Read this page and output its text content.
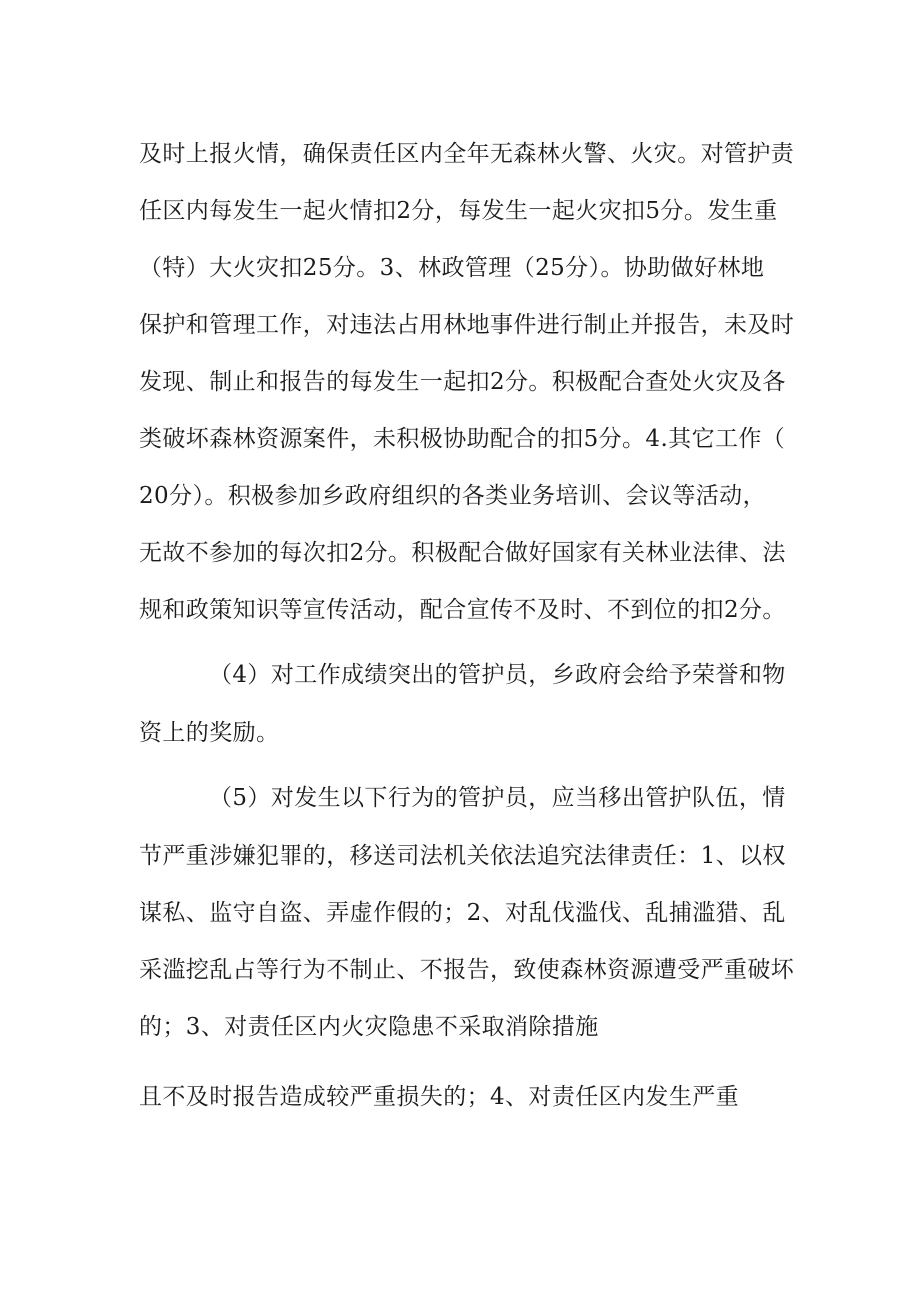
及时上报火情，确保责任区内全年无森林火警、火灾。对管护责
任区内每发生一起火情扣2分，每发生一起火灾扣5分。发生重
（特）大火灾扣25分。3、林政管理（25分）。协助做好林地
保护和管理工作，对违法占用林地事件进行制止并报告，未及时
发现、制止和报告的每发生一起扣2分。积极配合查处火灾及各
类破坏森林资源案件，未积极协助配合的扣5分。4.其它工作（
20分）。积极参加乡政府组织的各类业务培训、会议等活动，
无故不参加的每次扣2分。积极配合做好国家有关林业法律、法
规和政策知识等宣传活动，配合宣传不及时、不到位的扣2分。
（4）对工作成绩突出的管护员，乡政府会给予荣誉和物
资上的奖励。
（5）对发生以下行为的管护员，应当移出管护队伍，情
节严重涉嫌犯罪的，移送司法机关依法追究法律责任：1、以权
谋私、监守自盗、弄虚作假的；2、对乱伐滥伐、乱捕滥猎、乱
采滥挖乱占等行为不制止、不报告，致使森林资源遭受严重破坏
的；3、对责任区内火灾隐患不采取消除措施
且不及时报告造成较严重损失的；4、对责任区内发生严重
